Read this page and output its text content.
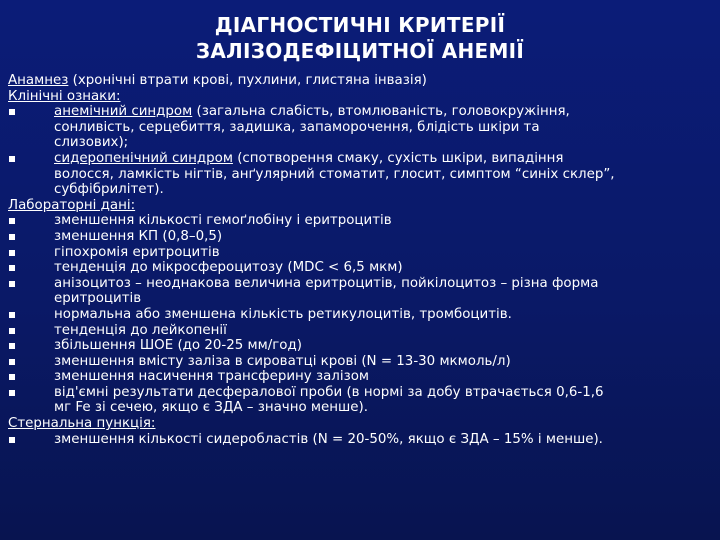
ДІАГНОСТИЧНІ КРИТЕРІЇ
ЗАЛІЗОДЕФІЦИТНОЇ АНЕМІЇ
Анамнез (хронічні втрати крові, пухлини, глистяна інвазія)
Клінічні ознаки:
анемічний синдром (загальна слабість, втомлюваність, головокружіння,
сонливість, серцебиття, задишка, запаморочення, блідість шкіри та
слизових);
сидеропенічний синдром (спотворення смаку, сухість шкіри, випадіння
волосся, ламкість нігтів, анґулярний стоматит, глосит, симптом “синіх склер”,
субфібрилітет).
Лабораторні дані:
зменшення кількості гемоґлобіну і еритроцитів
зменшення КП (0,8–0,5)
гіпохромія еритроцитів
тенденція до мікросфероцитозу (MDC < 6,5 мкм)
анізоцитоз – неоднакова величина еритроцитів, пойкілоцитоз – різна форма
еритроцитів
нормальна або зменшена кількість ретикулоцитів, тромбоцитів.
тенденція до лейкопенії
збільшення ШОЕ (до 20-25 мм/год)
зменшення вмісту заліза в сироватці крові (N = 13-30 мкмоль/л)
зменшення насичення трансферину залізом
від'ємні результати десфералової проби (в нормі за добу втрачається 0,6-1,6
мг Fe зі сечею, якщо є ЗДА – значно менше).
Стернальна пункція:
зменшення кількості сидеробластів (N = 20-50%, якщо є ЗДА – 15% і менше).
